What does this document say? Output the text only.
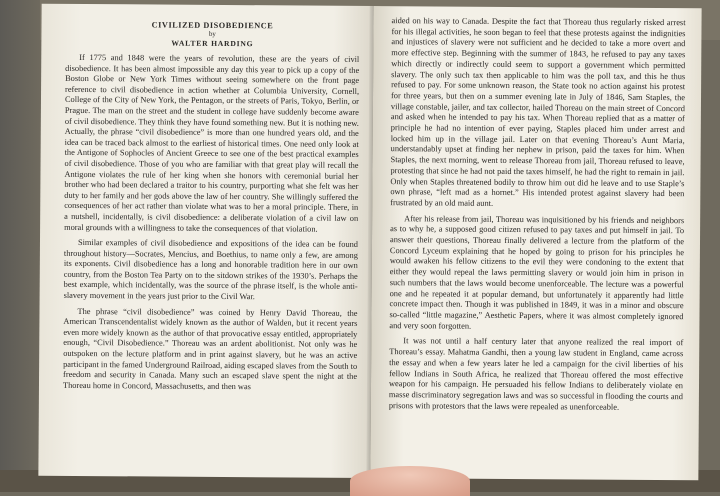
CIVILIZED DISOBEDIENCE
by
WALTER HARDING

If 1775 and 1848 were the years of revolution, these are the years of civil disobedience. It has been almost impossible any day this year to pick up a copy of the Boston Globe or New York Times without seeing somewhere on the front page reference to civil disobedience in action whether at Columbia University, Cornell, College of the City of New York, the Pentagon, or the streets of Paris, Tokyo, Berlin, or Prague. The man on the street and the student in college have suddenly become aware of civil disobedience. They think they have found something new. But it is nothing new. Actually, the phrase “civil disobedience” is more than one hundred years old, and the idea can be traced back almost to the earliest of historical times. One need only look at the Antigone of Sophocles of Ancient Greece to see one of the best practical examples of civil disobedience. Those of you who are familiar with that great play will recall the Antigone violates the rule of her king when she honors with ceremonial burial her brother who had been declared a traitor to his country, purporting what she felt was her duty to her family and her gods above the law of her country. She willingly suffered the consequences of her act rather than violate what was to her a moral principle. There, in a nutshell, incidentally, is civil disobedience: a deliberate violation of a civil law on moral grounds with a willingness to take the consequences of that violation.

Similar examples of civil disobedience and expositions of the idea can be found throughout history—Socrates, Mencius, and Boethius, to name only a few, are among its exponents. Civil disobedience has a long and honorable tradition here in our own country, from the Boston Tea Party on to the sitdown strikes of the 1930’s. Perhaps the best example, which incidentally, was the source of the phrase itself, is the whole anti-slavery movement in the years just prior to the Civil War.

The phrase “civil disobedience” was coined by Henry David Thoreau, the American Transcendentalist widely known as the author of Walden, but it recent years even more widely known as the author of that provocative essay entitled, appropriately enough, “Civil Disobedience.” Thoreau was an ardent abolitionist. Not only was he outspoken on the lecture platform and in print against slavery, but he was an active participant in the famed Underground Railroad, aiding escaped slaves from the South to freedom and security in Canada. Many such an escaped slave spent the night at the Thoreau home in Concord, Massachusetts, and then was

aided on his way to Canada. Despite the fact that Thoreau thus regularly risked arrest for his illegal activities, he soon began to feel that these protests against the indignities and injustices of slavery were not sufficient and he decided to take a more overt and more effective step. Beginning with the summer of 1843, he refused to pay any taxes which directly or indirectly could seem to support a government which permitted slavery. The only such tax then applicable to him was the poll tax, and this he thus refused to pay. For some unknown reason, the State took no action against his protest for three years, but then on a summer evening late in July of 1846, Sam Staples, the village constable, jailer, and tax collector, hailed Thoreau on the main street of Concord and asked when he intended to pay his tax. When Thoreau replied that as a matter of principle he had no intention of ever paying, Staples placed him under arrest and locked him up in the village jail. Later on that evening Thoreau’s Aunt Maria, understandably upset at finding her nephew in prison, paid the taxes for him. When Staples, the next morning, went to release Thoreau from jail, Thoreau refused to leave, protesting that since he had not paid the taxes himself, he had the right to remain in jail. Only when Staples threatened bodily to throw him out did he leave and to use Staple’s own phrase, “left mad as a hornet.” His intended protest against slavery had been frustrated by an old maid aunt.

After his release from jail, Thoreau was inquisitioned by his friends and neighbors as to why he, a supposed good citizen refused to pay taxes and put himself in jail. To answer their questions, Thoreau finally delivered a lecture from the platform of the Concord Lyceum explaining that he hoped by going to prison for his principles he would awaken his fellow citizens to the evil they were condoning to the extent that either they would repeal the laws permitting slavery or would join him in prison in such numbers that the laws would become unenforceable. The lecture was a powerful one and he repeated it at popular demand, but unfortunately it apparently had little concrete impact then. Though it was published in 1849, it was in a minor and obscure so-called “little magazine,” Aesthetic Papers, where it was almost completely ignored and very soon forgotten.

It was not until a half century later that anyone realized the real import of Thoreau’s essay. Mahatma Gandhi, then a young law student in England, came across the essay and when a few years later he led a campaign for the civil liberties of his fellow Indians in South Africa, he realized that Thoreau offered the most effective weapon for his campaign. He persuaded his fellow Indians to deliberately violate en masse discriminatory segregation laws and was so successful in flooding the courts and prisons with protestors that the laws were repealed as unenforceable.
